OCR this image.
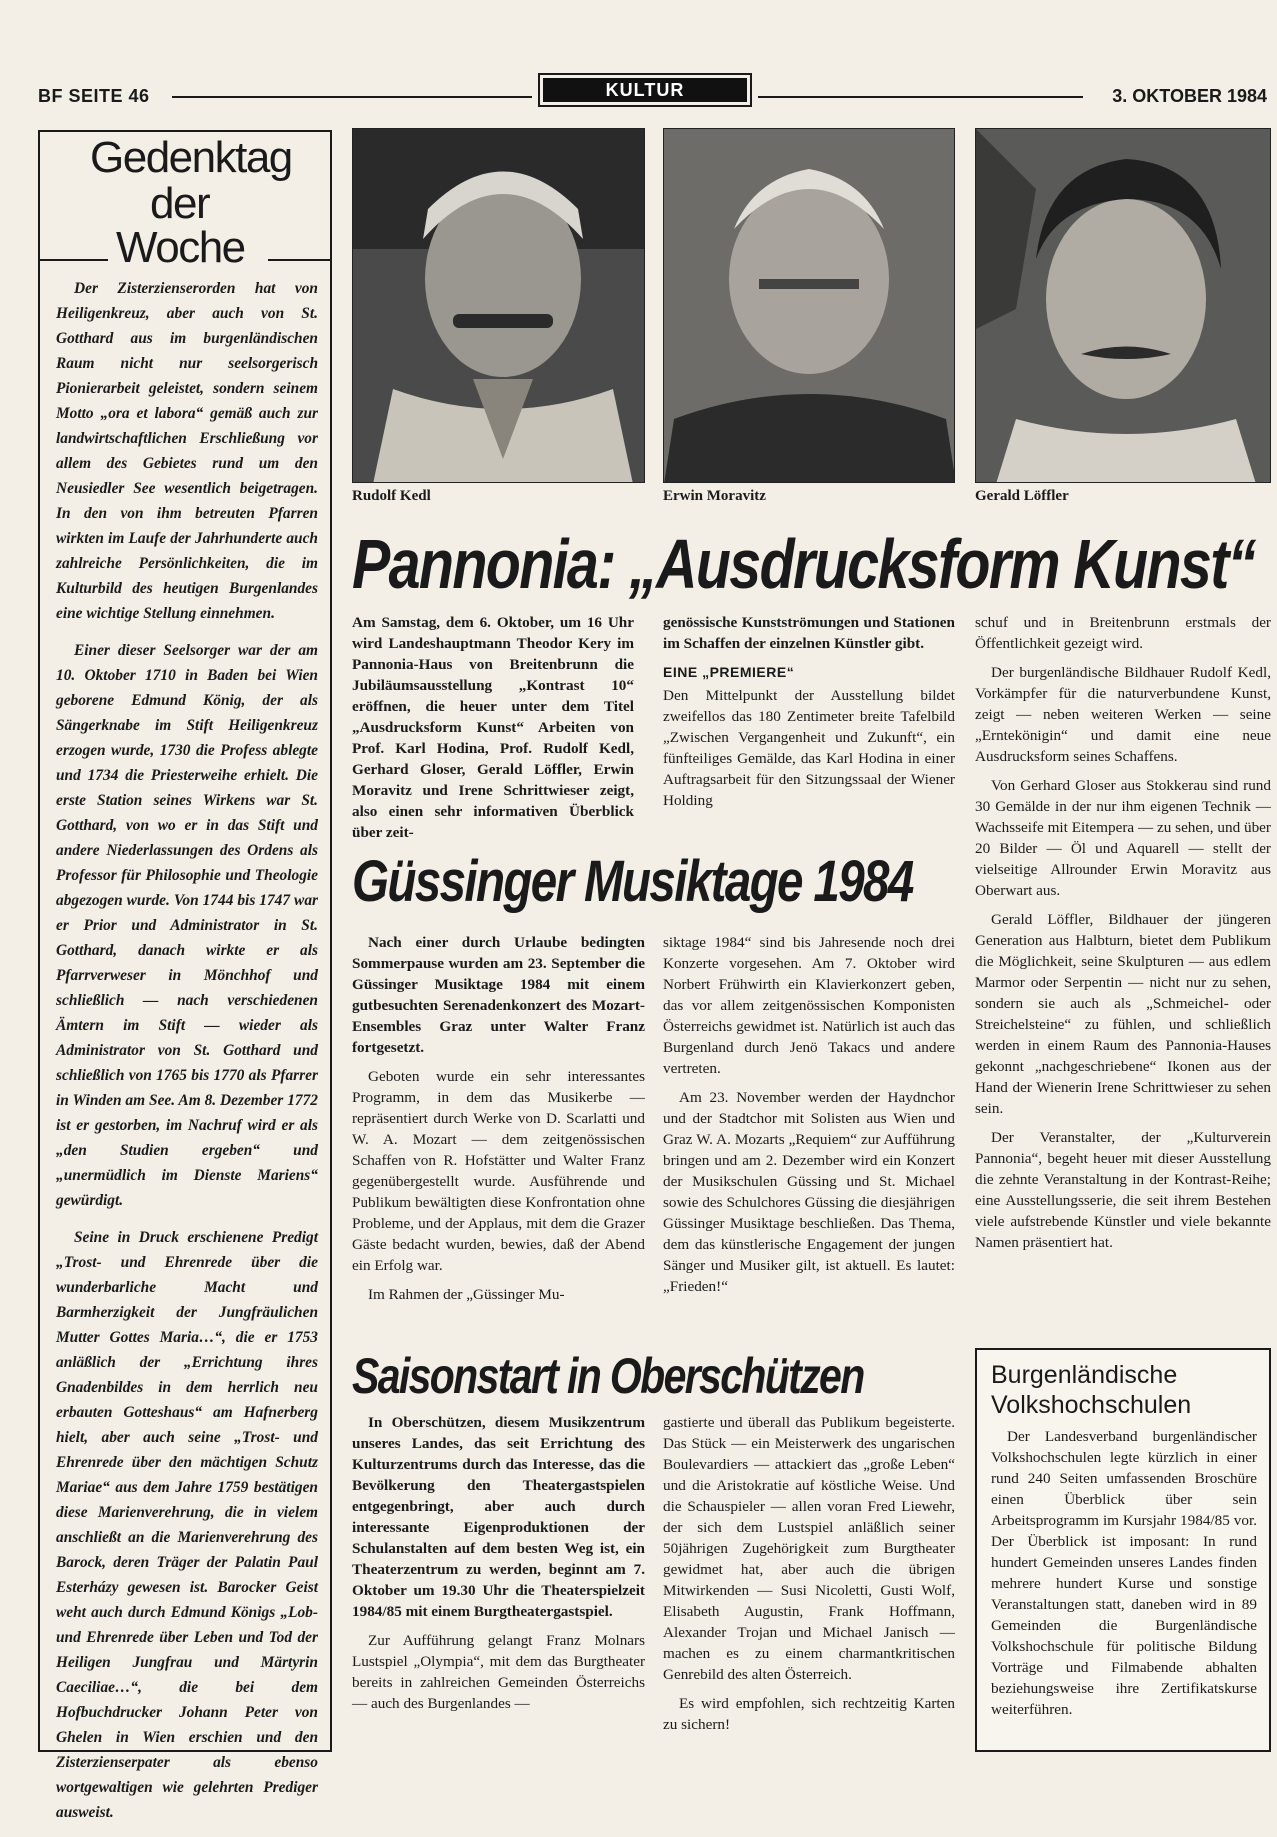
BF SEITE 46	KULTUR	3. OKTOBER 1984
Gedenktag
der
Woche

Der Zisterzienserorden hat von Heiligenkreuz, aber auch von St. Gotthard aus im burgenländischen Raum nicht nur seelsorgerisch Pionierarbeit geleistet, sondern seinem Motto „ora et labora“ gemäß auch zur landwirtschaftlichen Erschließung vor allem des Gebietes rund um den Neusiedler See wesentlich beigetragen. In den von ihm betreuten Pfarren wirkten im Laufe der Jahrhunderte auch zahlreiche Persönlichkeiten, die im Kulturbild des heutigen Burgenlandes eine wichtige Stellung einnehmen.

Einer dieser Seelsorger war der am 10. Oktober 1710 in Baden bei Wien geborene Edmund König, der als Sängerknabe im Stift Heiligenkreuz erzogen wurde, 1730 die Profess ablegte und 1734 die Priesterweihe erhielt. Die erste Station seines Wirkens war St. Gotthard, von wo er in das Stift und andere Niederlassungen des Ordens als Professor für Philosophie und Theologie abgezogen wurde. Von 1744 bis 1747 war er Prior und Administrator in St. Gotthard, danach wirkte er als Pfarrverweser in Mönchhof und schließlich — nach verschiedenen Ämtern im Stift — wieder als Administrator von St. Gotthard und schließlich von 1765 bis 1770 als Pfarrer in Winden am See. Am 8. Dezember 1772 ist er gestorben, im Nachruf wird er als „den Studien ergeben“ und „unermüdlich im Dienste Mariens“ gewürdigt.

Seine in Druck erschienene Predigt „Trost- und Ehrenrede über die wunderbarliche Macht und Barmherzigkeit der Jungfräulichen Mutter Gottes Maria…“, die er 1753 anläßlich der „Errichtung ihres Gnadenbildes in dem herrlich neu erbauten Gotteshaus“ am Hafnerberg hielt, aber auch seine „Trost- und Ehrenrede über den mächtigen Schutz Mariae“ aus dem Jahre 1759 bestätigen diese Marienverehrung, die in vielem anschließt an die Marienverehrung des Barock, deren Träger der Palatin Paul Esterházy gewesen ist. Barocker Geist weht auch durch Edmund Königs „Lob- und Ehrenrede über Leben und Tod der Heiligen Jungfrau und Märtyrin Caeciliae…“, die bei dem Hofbuchdrucker Johann Peter von Ghelen in Wien erschien und den Zisterzienserpater als ebenso wortgewaltigen wie gelehrten Prediger ausweist.

Rudolf Kedl	Erwin Moravitz	Gerald Löffler
Pannonia: „Ausdrucksform Kunst“

Am Samstag, dem 6. Oktober, um 16 Uhr wird Landeshauptmann Theodor Kery im Pannonia-Haus von Breitenbrunn die Jubiläumsausstellung „Kontrast 10“ eröffnen, die heuer unter dem Titel „Ausdrucksform Kunst“ Arbeiten von Prof. Karl Hodina, Prof. Rudolf Kedl, Gerhard Gloser, Gerald Löffler, Erwin Moravitz und Irene Schrittwieser zeigt, also einen sehr informativen Überblick über zeit-

genössische Kunstströmungen und Stationen im Schaffen der einzelnen Künstler gibt.

EINE „PREMIERE“

Den Mittelpunkt der Ausstellung bildet zweifellos das 180 Zentimeter breite Tafelbild „Zwischen Vergangenheit und Zukunft“, ein fünfteiliges Gemälde, das Karl Hodina in einer Auftragsarbeit für den Sitzungssaal der Wiener Holding

schuf und in Breitenbrunn erstmals der Öffentlichkeit gezeigt wird.

Der burgenländische Bildhauer Rudolf Kedl, Vorkämpfer für die naturverbundene Kunst, zeigt — neben weiteren Werken — seine „Erntekönigin“ und damit eine neue Ausdrucksform seines Schaffens.

Von Gerhard Gloser aus Stokkerau sind rund 30 Gemälde in der nur ihm eigenen Technik — Wachsseife mit Eitempera — zu sehen, und über 20 Bilder — Öl und Aquarell — stellt der vielseitige Allrounder Erwin Moravitz aus Oberwart aus.

Gerald Löffler, Bildhauer der jüngeren Generation aus Halbturn, bietet dem Publikum die Möglichkeit, seine Skulpturen — aus edlem Marmor oder Serpentin — nicht nur zu sehen, sondern sie auch als „Schmeichel- oder Streichelsteine“ zu fühlen, und schließlich werden in einem Raum des Pannonia-Hauses gekonnt „nachgeschriebene“ Ikonen aus der Hand der Wienerin Irene Schrittwieser zu sehen sein.

Der Veranstalter, der „Kulturverein Pannonia“, begeht heuer mit dieser Ausstellung die zehnte Veranstaltung in der Kontrast-Reihe; eine Ausstellungsserie, die seit ihrem Bestehen viele aufstrebende Künstler und viele bekannte Namen präsentiert hat.

Güssinger Musiktage 1984

Nach einer durch Urlaube bedingten Sommerpause wurden am 23. September die Güssinger Musiktage 1984 mit einem gutbesuchten Serenadenkonzert des Mozart-Ensembles Graz unter Walter Franz fortgesetzt.

Geboten wurde ein sehr interessantes Programm, in dem das Musikerbe — repräsentiert durch Werke von D. Scarlatti und W. A. Mozart — dem zeitgenössischen Schaffen von R. Hofstätter und Walter Franz gegenübergestellt wurde. Ausführende und Publikum bewältigten diese Konfrontation ohne Probleme, und der Applaus, mit dem die Grazer Gäste bedacht wurden, bewies, daß der Abend ein Erfolg war.

Im Rahmen der „Güssinger Mu-

siktage 1984“ sind bis Jahresende noch drei Konzerte vorgesehen. Am 7. Oktober wird Norbert Frühwirth ein Klavierkonzert geben, das vor allem zeitgenössischen Komponisten Österreichs gewidmet ist. Natürlich ist auch das Burgenland durch Jenö Takacs und andere vertreten.

Am 23. November werden der Haydnchor und der Stadtchor mit Solisten aus Wien und Graz W. A. Mozarts „Requiem“ zur Aufführung bringen und am 2. Dezember wird ein Konzert der Musikschulen Güssing und St. Michael sowie des Schulchores Güssing die diesjährigen Güssinger Musiktage beschließen. Das Thema, dem das künstlerische Engagement der jungen Sänger und Musiker gilt, ist aktuell. Es lautet: „Frieden!“

Saisonstart in Oberschützen

In Oberschützen, diesem Musikzentrum unseres Landes, das seit Errichtung des Kulturzentrums durch das Interesse, das die Bevölkerung den Theatergastspielen entgegenbringt, aber auch durch interessante Eigenproduktionen der Schulanstalten auf dem besten Weg ist, ein Theaterzentrum zu werden, beginnt am 7. Oktober um 19.30 Uhr die Theaterspielzeit 1984/85 mit einem Burgtheatergastspiel.

Zur Aufführung gelangt Franz Molnars Lustspiel „Olympia“, mit dem das Burgtheater bereits in zahlreichen Gemeinden Österreichs — auch des Burgenlandes —

gastierte und überall das Publikum begeisterte. Das Stück — ein Meisterwerk des ungarischen Boulevardiers — attackiert das „große Leben“ und die Aristokratie auf köstliche Weise. Und die Schauspieler — allen voran Fred Liewehr, der sich dem Lustspiel anläßlich seiner 50jährigen Zugehörigkeit zum Burgtheater gewidmet hat, aber auch die übrigen Mitwirkenden — Susi Nicoletti, Gusti Wolf, Elisabeth Augustin, Frank Hoffmann, Alexander Trojan und Michael Janisch — machen es zu einem charmantkritischen Genrebild des alten Österreich.

Es wird empfohlen, sich rechtzeitig Karten zu sichern!

Burgenländische Volkshochschulen

Der Landesverband burgenländischer Volkshochschulen legte kürzlich in einer rund 240 Seiten umfassenden Broschüre einen Überblick über sein Arbeitsprogramm im Kursjahr 1984/85 vor. Der Überblick ist imposant: In rund hundert Gemeinden unseres Landes finden mehrere hundert Kurse und sonstige Veranstaltungen statt, daneben wird in 89 Gemeinden die Burgenländische Volkshochschule für politische Bildung Vorträge und Filmabende abhalten beziehungsweise ihre Zertifikatskurse weiterführen.
